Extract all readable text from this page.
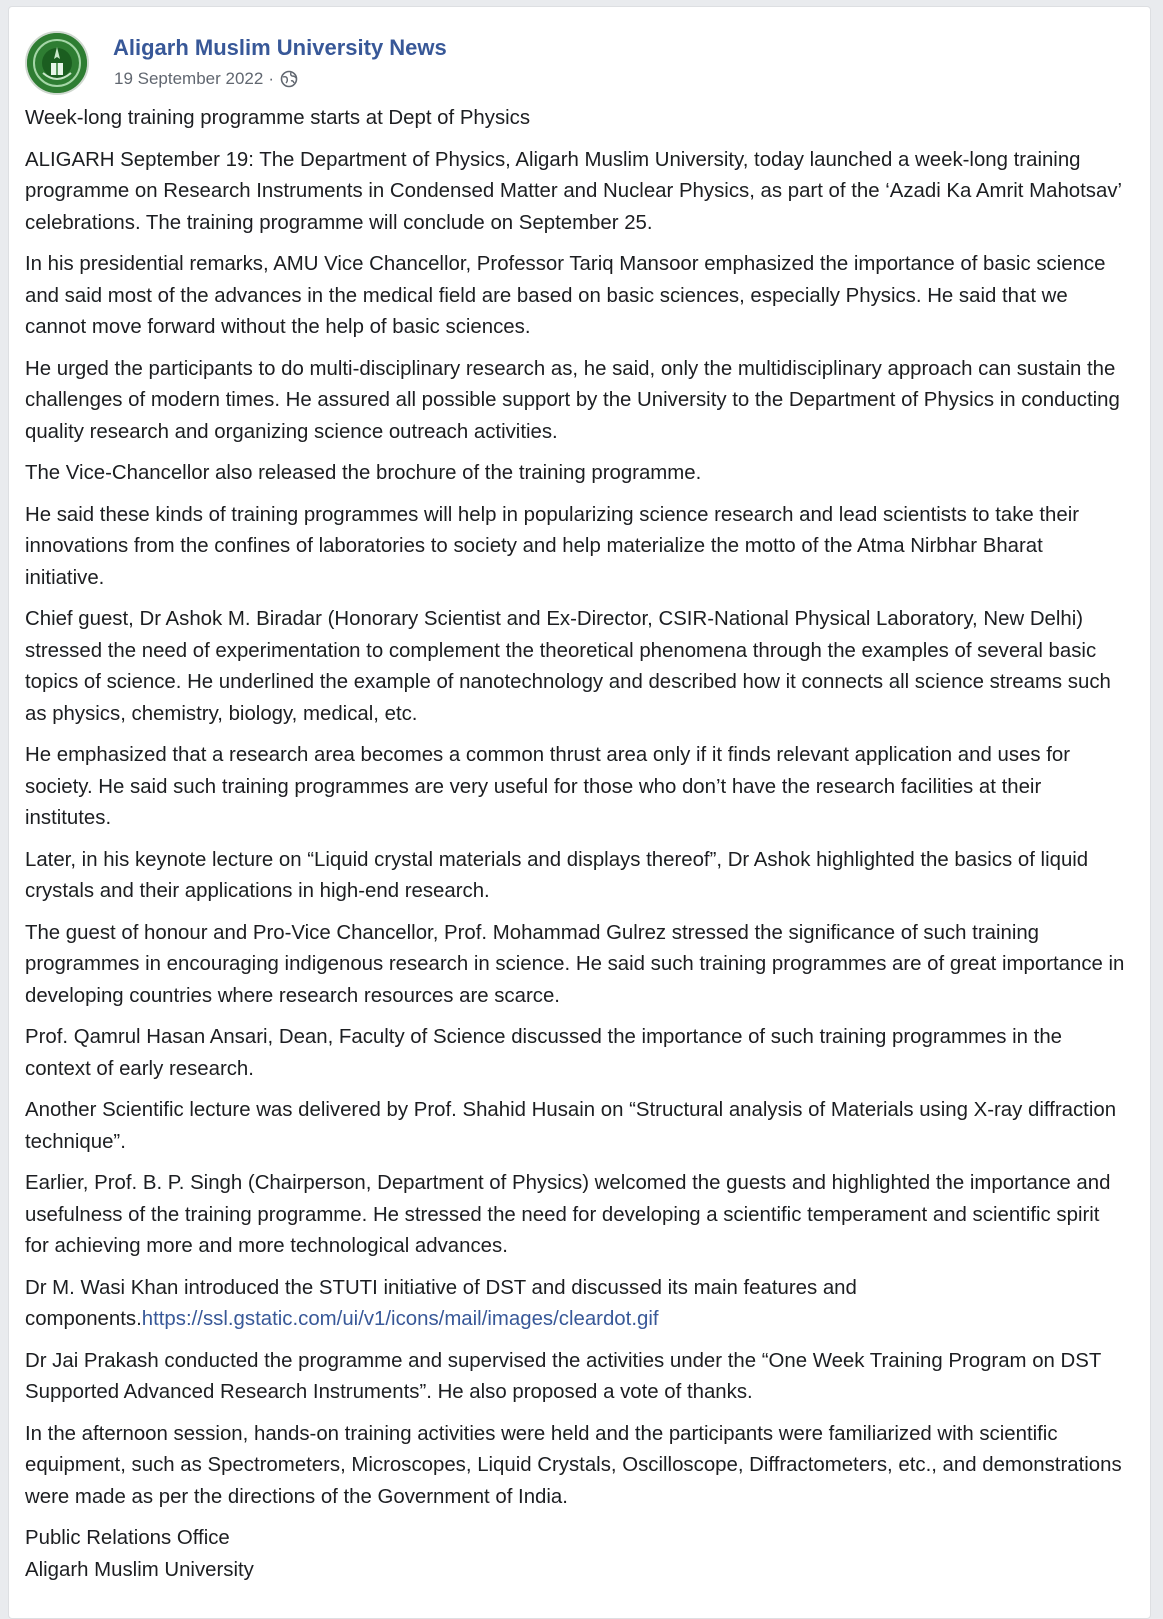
Aligarh Muslim University News
19 September 2022 ·

Week-long training programme starts at Dept of Physics

ALIGARH September 19: The Department of Physics, Aligarh Muslim University, today launched a week-long training programme on Research Instruments in Condensed Matter and Nuclear Physics, as part of the ‘Azadi Ka Amrit Mahotsav’ celebrations. The training programme will conclude on September 25.

In his presidential remarks, AMU Vice Chancellor, Professor Tariq Mansoor emphasized the importance of basic science and said most of the advances in the medical field are based on basic sciences, especially Physics. He said that we cannot move forward without the help of basic sciences.

He urged the participants to do multi-disciplinary research as, he said, only the multidisciplinary approach can sustain the challenges of modern times. He assured all possible support by the University to the Department of Physics in conducting quality research and organizing science outreach activities.

The Vice-Chancellor also released the brochure of the training programme.

He said these kinds of training programmes will help in popularizing science research and lead scientists to take their innovations from the confines of laboratories to society and help materialize the motto of the Atma Nirbhar Bharat initiative.

Chief guest, Dr Ashok M. Biradar (Honorary Scientist and Ex-Director, CSIR-National Physical Laboratory, New Delhi) stressed the need of experimentation to complement the theoretical phenomena through the examples of several basic topics of science. He underlined the example of nanotechnology and described how it connects all science streams such as physics, chemistry, biology, medical, etc.

He emphasized that a research area becomes a common thrust area only if it finds relevant application and uses for society. He said such training programmes are very useful for those who don’t have the research facilities at their institutes.

Later, in his keynote lecture on “Liquid crystal materials and displays thereof”, Dr Ashok highlighted the basics of liquid crystals and their applications in high-end research.

The guest of honour and Pro-Vice Chancellor, Prof. Mohammad Gulrez stressed the significance of such training programmes in encouraging indigenous research in science. He said such training programmes are of great importance in developing countries where research resources are scarce.

Prof. Qamrul Hasan Ansari, Dean, Faculty of Science discussed the importance of such training programmes in the context of early research.

Another Scientific lecture was delivered by Prof. Shahid Husain on “Structural analysis of Materials using X-ray diffraction technique”.

Earlier, Prof. B. P. Singh (Chairperson, Department of Physics) welcomed the guests and highlighted the importance and usefulness of the training programme. He stressed the need for developing a scientific temperament and scientific spirit for achieving more and more technological advances.

Dr M. Wasi Khan introduced the STUTI initiative of DST and discussed its main features and components.https://ssl.gstatic.com/ui/v1/icons/mail/images/cleardot.gif

Dr Jai Prakash conducted the programme and supervised the activities under the “One Week Training Program on DST Supported Advanced Research Instruments”. He also proposed a vote of thanks.

In the afternoon session, hands-on training activities were held and the participants were familiarized with scientific equipment, such as Spectrometers, Microscopes, Liquid Crystals, Oscilloscope, Diffractometers, etc., and demonstrations were made as per the directions of the Government of India.

Public Relations Office

Aligarh Muslim University
